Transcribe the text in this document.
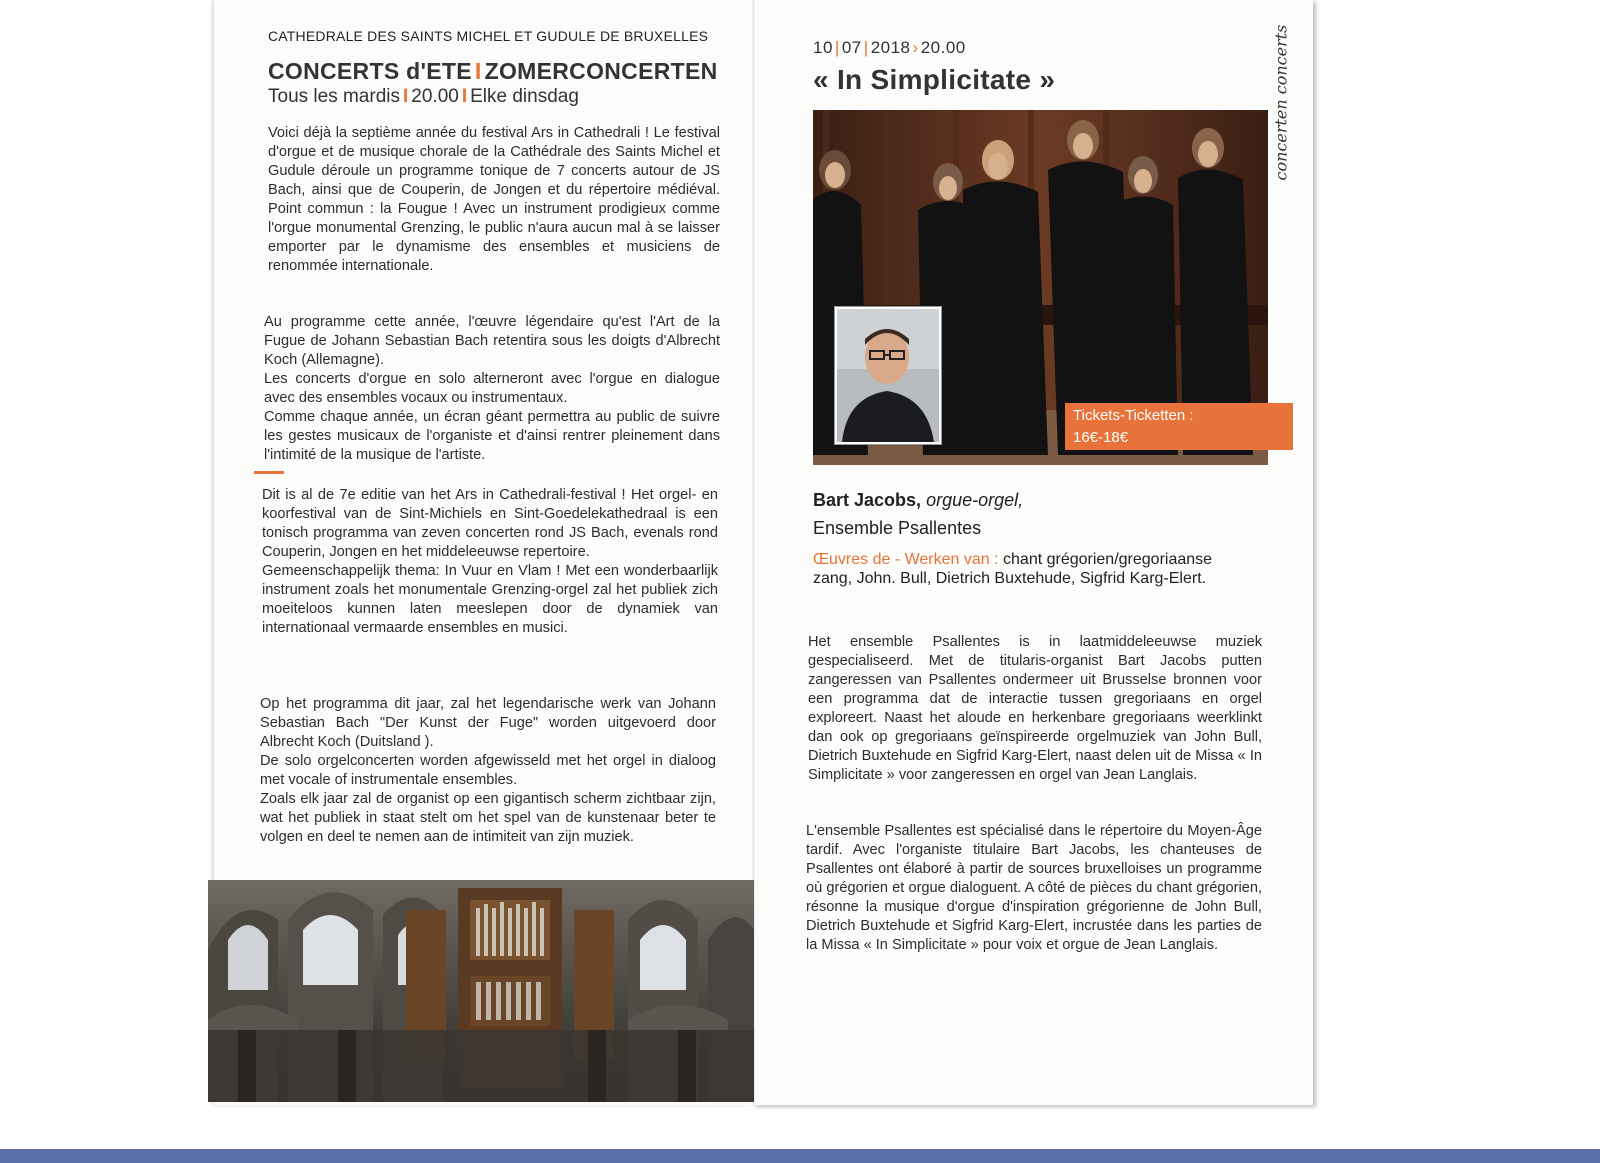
CATHEDRALE DES SAINTS MICHEL ET GUDULE DE BRUXELLES
CONCERTS d'ETE I ZOMERCONCERTEN
Tous les mardis I 20.00 I Elke dinsdag

Voici déjà la septième année du festival Ars in Cathedrali ! Le festival d'orgue et de musique chorale de la Cathédrale des Saints Michel et Gudule déroule un programme tonique de 7 concerts autour de JS Bach, ainsi que de Couperin, de Jongen et du répertoire médiéval. Point commun : la Fougue ! Avec un instrument prodigieux comme l'orgue monumental Grenzing, le public n'aura aucun mal à se laisser emporter par le dynamisme des ensembles et musiciens de renommée internationale.

Au programme cette année, l'œuvre légendaire qu'est l'Art de la Fugue de Johann Sebastian Bach retentira sous les doigts d'Albrecht Koch (Allemagne).

Les concerts d'orgue en solo alterneront avec l'orgue en dialogue avec des ensembles vocaux ou instrumentaux.

Comme chaque année, un écran géant permettra au public de suivre les gestes musicaux de l'organiste et d'ainsi rentrer pleinement dans l'intimité de la musique de l'artiste.

Dit is al de 7e editie van het Ars in Cathedrali-festival ! Het orgel- en koorfestival van de Sint-Michiels en Sint-Goedelekathedraal is een tonisch programma van zeven concerten rond JS Bach, evenals rond Couperin, Jongen en het middeleeuwse repertoire.

Gemeenschappelijk thema: In Vuur en Vlam ! Met een wonderbaarlijk instrument zoals het monumentale Grenzing-orgel zal het publiek zich moeiteloos kunnen laten meeslepen door de dynamiek van internationaal vermaarde ensembles en musici.

Op het programma dit jaar, zal het legendarische werk van Johann Sebastian Bach "Der Kunst der Fuge" worden uitgevoerd door Albrecht Koch (Duitsland ).

De solo orgelconcerten worden afgewisseld met het orgel in dialoog met vocale of instrumentale ensembles.

Zoals elk jaar zal de organist op een gigantisch scherm zichtbaar zijn, wat het publiek in staat stelt om het spel van de kunstenaar beter te volgen en deel te nemen aan de intimiteit van zijn muziek.

10 | 07 | 2018 › 20.00
« In Simplicitate »	concerten concerts
Tickets-Ticketten :
16€-18€
Bart Jacobs, orgue-orgel,
Ensemble Psallentes
Œuvres de - Werken van : chant grégorien/gregoriaanse zang, John. Bull, Dietrich Buxtehude, Sigfrid Karg-Elert.

Het ensemble Psallentes is in laatmiddeleeuwse muziek gespecialiseerd. Met de titularis-organist Bart Jacobs putten zangeressen van Psallentes ondermeer uit Brusselse bronnen voor een programma dat de interactie tussen gregoriaans en orgel exploreert. Naast het aloude en herkenbare gregoriaans weerklinkt dan ook op gregoriaans geïnspireerde orgelmuziek van John Bull, Dietrich Buxtehude en Sigfrid Karg-Elert, naast delen uit de Missa « In Simplicitate » voor zangeressen en orgel van Jean Langlais.

L'ensemble Psallentes est spécialisé dans le répertoire du Moyen-Âge tardif. Avec l'organiste titulaire Bart Jacobs, les chanteuses de Psallentes ont élaboré à partir de sources bruxelloises un programme où grégorien et orgue dialoguent. A côté de pièces du chant grégorien, résonne la musique d'orgue d'inspiration grégorienne de John Bull, Dietrich Buxtehude et Sigfrid Karg-Elert, incrustée dans les parties de la Missa « In Simplicitate » pour voix et orgue de Jean Langlais.
